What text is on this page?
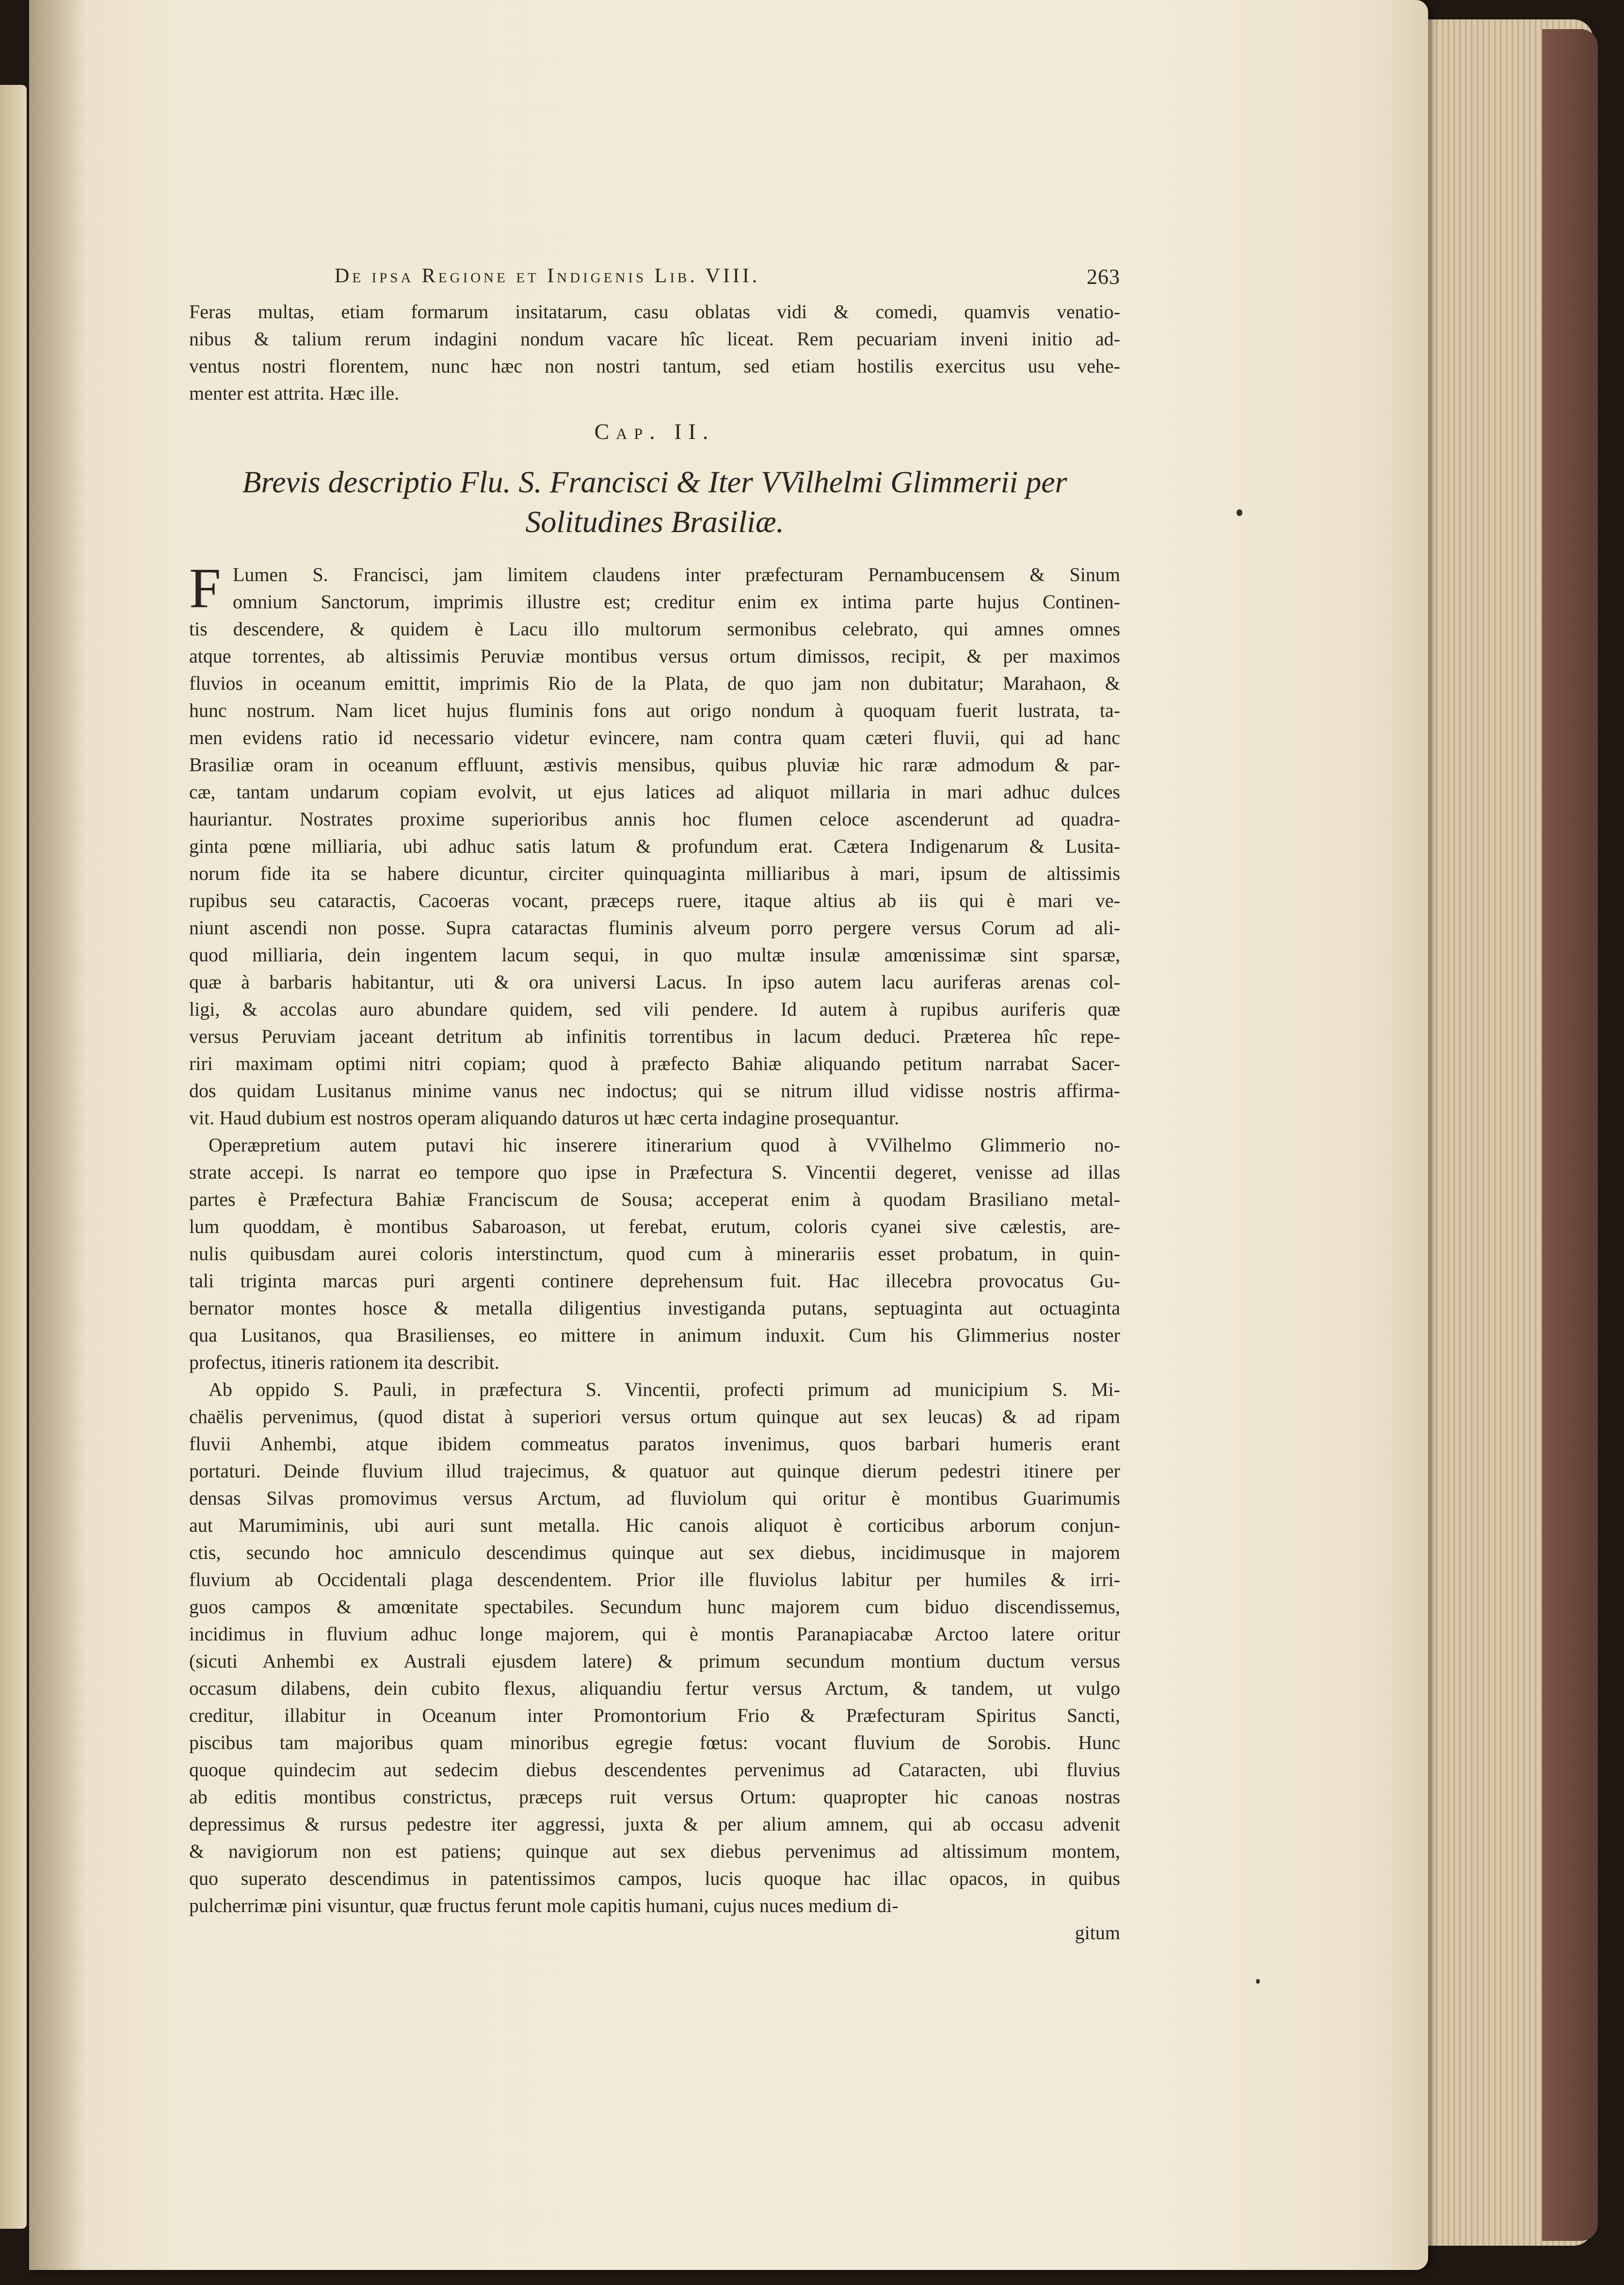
De ipsa Regione et Indigenis Lib. VIII.	263
Feras multas, etiam formarum insitatarum, casu oblatas vidi & comedi, quamvis venatio-
nibus & talium rerum indagini nondum vacare hîc liceat. Rem pecuariam inveni initio ad-
ventus nostri florentem, nunc hæc non nostri tantum, sed etiam hostilis exercitus usu vehe-
menter est attrita. Hæc ille.
Cap. II.
Brevis descriptio Flu. S. Francisci & Iter VVilhelmi Glimmerii per
Solitudines Brasiliæ.
F Lumen S. Francisci, jam limitem claudens inter præfecturam Pernambucensem & Sinum
omnium Sanctorum, imprimis illustre est; creditur enim ex intima parte hujus Continen-
tis descendere, & quidem è Lacu illo multorum sermonibus celebrato, qui amnes omnes
atque torrentes, ab altissimis Peruviæ montibus versus ortum dimissos, recipit, & per maximos
fluvios in oceanum emittit, imprimis Rio de la Plata, de quo jam non dubitatur; Marahaon, &
hunc nostrum. Nam licet hujus fluminis fons aut origo nondum à quoquam fuerit lustrata, ta-
men evidens ratio id necessario videtur evincere, nam contra quam cæteri fluvii, qui ad hanc
Brasiliæ oram in oceanum effluunt, æstivis mensibus, quibus pluviæ hic raræ admodum & par-
cæ, tantam undarum copiam evolvit, ut ejus latices ad aliquot millaria in mari adhuc dulces
hauriantur. Nostrates proxime superioribus annis hoc flumen celoce ascenderunt ad quadra-
ginta pœne milliaria, ubi adhuc satis latum & profundum erat. Cætera Indigenarum & Lusita-
norum fide ita se habere dicuntur, circiter quinquaginta milliaribus à mari, ipsum de altissimis
rupibus seu cataractis, Cacoeras vocant, præceps ruere, itaque altius ab iis qui è mari ve-
niunt ascendi non posse. Supra cataractas fluminis alveum porro pergere versus Corum ad ali-
quod milliaria, dein ingentem lacum sequi, in quo multæ insulæ amœnissimæ sint sparsæ,
quæ à barbaris habitantur, uti & ora universi Lacus. In ipso autem lacu auriferas arenas col-
ligi, & accolas auro abundare quidem, sed vili pendere. Id autem à rupibus auriferis quæ
versus Peruviam jaceant detritum ab infinitis torrentibus in lacum deduci. Præterea hîc repe-
riri maximam optimi nitri copiam; quod à præfecto Bahiæ aliquando petitum narrabat Sacer-
dos quidam Lusitanus minime vanus nec indoctus; qui se nitrum illud vidisse nostris affirma-
vit. Haud dubium est nostros operam aliquando daturos ut hæc certa indagine prosequantur.
Operæpretium autem putavi hic inserere itinerarium quod à VVilhelmo Glimmerio no-
strate accepi. Is narrat eo tempore quo ipse in Præfectura S. Vincentii degeret, venisse ad illas
partes è Præfectura Bahiæ Franciscum de Sousa; acceperat enim à quodam Brasiliano metal-
lum quoddam, è montibus Sabaroason, ut ferebat, erutum, coloris cyanei sive cælestis, are-
nulis quibusdam aurei coloris interstinctum, quod cum à minerariis esset probatum, in quin-
tali triginta marcas puri argenti continere deprehensum fuit. Hac illecebra provocatus Gu-
bernator montes hosce & metalla diligentius investiganda putans, septuaginta aut octuaginta
qua Lusitanos, qua Brasilienses, eo mittere in animum induxit. Cum his Glimmerius noster
profectus, itineris rationem ita describit.
Ab oppido S. Pauli, in præfectura S. Vincentii, profecti primum ad municipium S. Mi-
chaëlis pervenimus, (quod distat à superiori versus ortum quinque aut sex leucas) & ad ripam
fluvii Anhembi, atque ibidem commeatus paratos invenimus, quos barbari humeris erant
portaturi. Deinde fluvium illud trajecimus, & quatuor aut quinque dierum pedestri itinere per
densas Silvas promovimus versus Arctum, ad fluviolum qui oritur è montibus Guarimumis
aut Marumiminis, ubi auri sunt metalla. Hic canois aliquot è corticibus arborum conjun-
ctis, secundo hoc amniculo descendimus quinque aut sex diebus, incidimusque in majorem
fluvium ab Occidentali plaga descendentem. Prior ille fluviolus labitur per humiles & irri-
guos campos & amœnitate spectabiles. Secundum hunc majorem cum biduo discendissemus,
incidimus in fluvium adhuc longe majorem, qui è montis Paranapiacabæ Arctoo latere oritur
(sicuti Anhembi ex Australi ejusdem latere) & primum secundum montium ductum versus
occasum dilabens, dein cubito flexus, aliquandiu fertur versus Arctum, & tandem, ut vulgo
creditur, illabitur in Oceanum inter Promontorium Frio & Præfecturam Spiritus Sancti,
piscibus tam majoribus quam minoribus egregie fœtus: vocant fluvium de Sorobis. Hunc
quoque quindecim aut sedecim diebus descendentes pervenimus ad Cataracten, ubi fluvius
ab editis montibus constrictus, præceps ruit versus Ortum: quapropter hic canoas nostras
depressimus & rursus pedestre iter aggressi, juxta & per alium amnem, qui ab occasu advenit
& navigiorum non est patiens; quinque aut sex diebus pervenimus ad altissimum montem,
quo superato descendimus in patentissimos campos, lucis quoque hac illac opacos, in quibus
pulcherrimæ pini visuntur, quæ fructus ferunt mole capitis humani, cujus nuces medium di-
gitum
